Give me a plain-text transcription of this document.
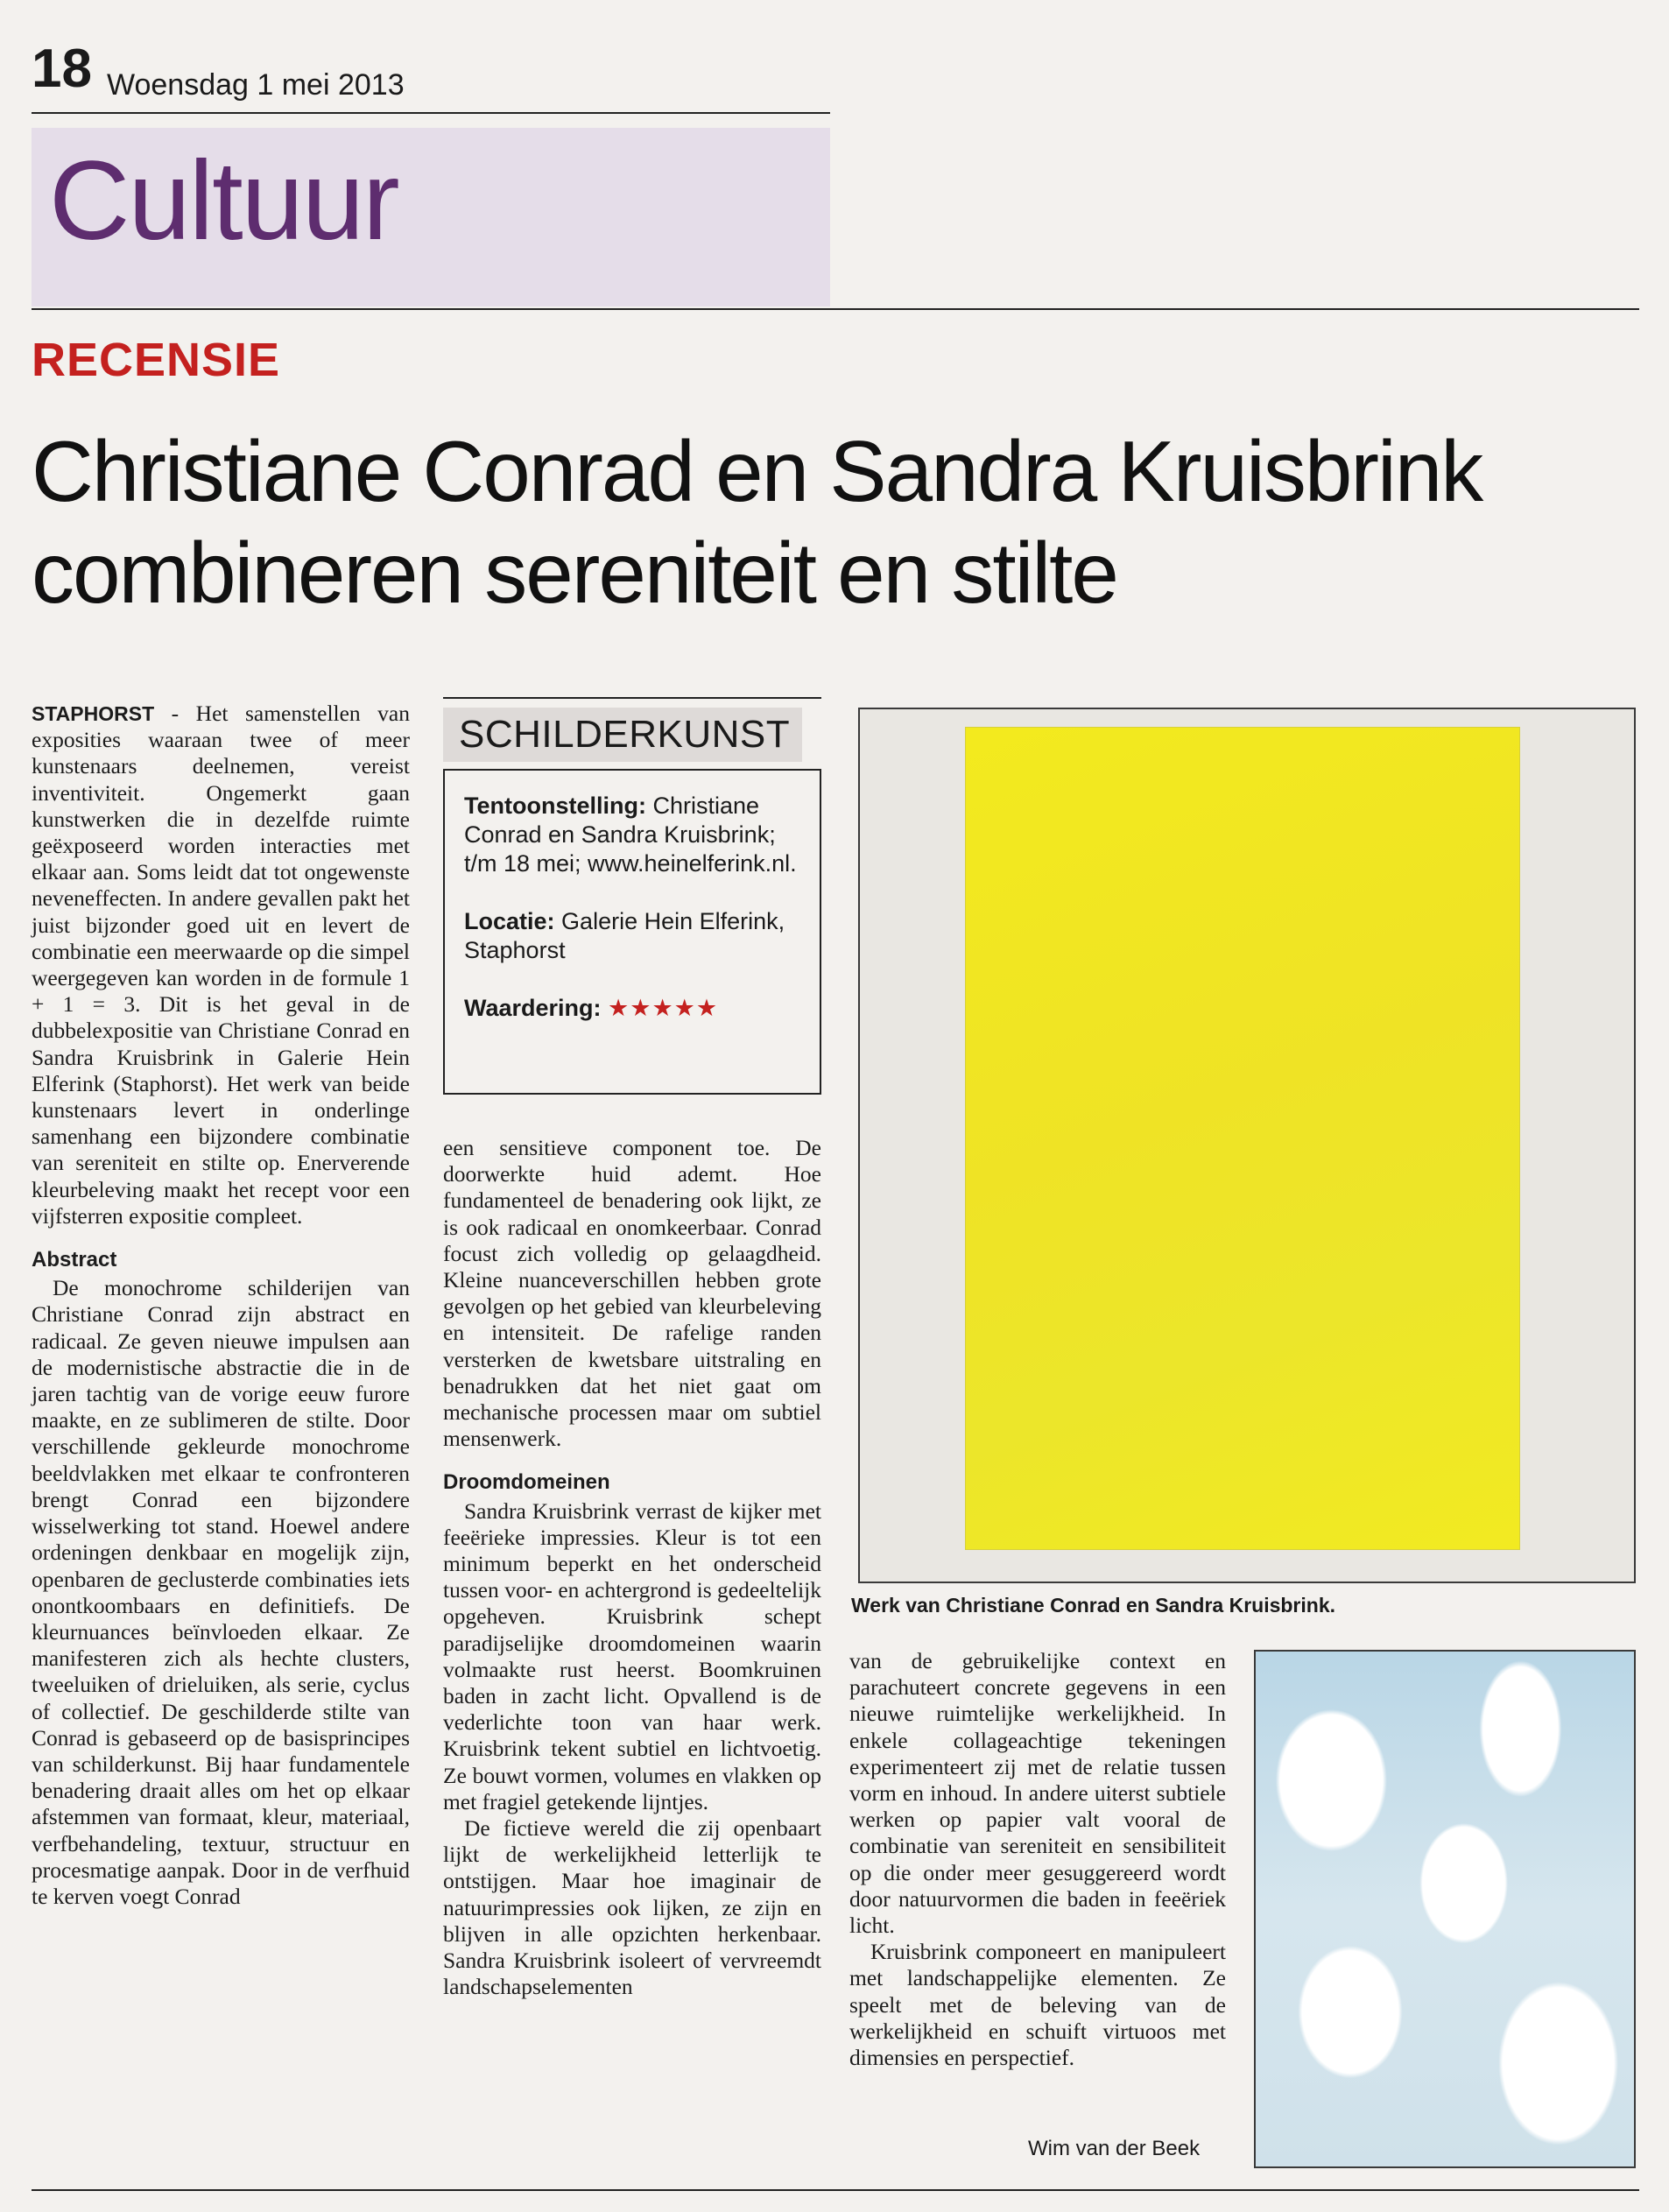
18 Woensdag 1 mei 2013
Cultuur
RECENSIE
Christiane Conrad en Sandra Kruisbrink combineren sereniteit en stilte

STAPHORST - Het samenstellen van exposities waaraan twee of meer kunstenaars deelnemen, vereist inventiviteit. Ongemerkt gaan kunstwerken die in dezelfde ruimte geëxposeerd worden interacties met elkaar aan. Soms leidt dat tot ongewenste neveneffecten. In andere gevallen pakt het juist bijzonder goed uit en levert de combinatie een meerwaarde op die simpel weergegeven kan worden in de formule 1 + 1 = 3. Dit is het geval in de dubbelexpositie van Christiane Conrad en Sandra Kruisbrink in Galerie Hein Elferink (Staphorst). Het werk van beide kunstenaars levert in onderlinge samenhang een bijzondere combinatie van sereniteit en stilte op. Enerverende kleurbeleving maakt het recept voor een vijfsterren expositie compleet.

Abstract

De monochrome schilderijen van Christiane Conrad zijn abstract en radicaal. Ze geven nieuwe impulsen aan de modernistische abstractie die in de jaren tachtig van de vorige eeuw furore maakte, en ze sublimeren de stilte. Door verschillende gekleurde monochrome beeldvlakken met elkaar te confronteren brengt Conrad een bijzondere wisselwerking tot stand. Hoewel andere ordeningen denkbaar en mogelijk zijn, openbaren de geclusterde combinaties iets onontkoombaars en definitiefs. De kleurnuances beïnvloeden elkaar. Ze manifesteren zich als hechte clusters, tweeluiken of drieluiken, als serie, cyclus of collectief. De geschilderde stilte van Conrad is gebaseerd op de basisprincipes van schilderkunst. Bij haar fundamentele benadering draait alles om het op elkaar afstemmen van formaat, kleur, materiaal, verfbehandeling, textuur, structuur en procesmatige aanpak. Door in de verfhuid te kerven voegt Conrad

SCHILDERKUNST

Tentoonstelling: Christiane Conrad en Sandra Kruisbrink; t/m 18 mei; www.heinelferink.nl.

Locatie: Galerie Hein Elferink, Staphorst

Waardering: ★★★★★

een sensitieve component toe. De doorwerkte huid ademt. Hoe fundamenteel de benadering ook lijkt, ze is ook radicaal en onomkeerbaar. Conrad focust zich volledig op gelaagdheid. Kleine nuanceverschillen hebben grote gevolgen op het gebied van kleurbeleving en intensiteit. De rafelige randen versterken de kwetsbare uitstraling en benadrukken dat het niet gaat om mechanische processen maar om subtiel mensenwerk.

Droomdomeinen

Sandra Kruisbrink verrast de kijker met feeërieke impressies. Kleur is tot een minimum beperkt en het onderscheid tussen voor- en achtergrond is gedeeltelijk opgeheven. Kruisbrink schept paradijselijke droomdomeinen waarin volmaakte rust heerst. Boomkruinen baden in zacht licht. Opvallend is de vederlichte toon van haar werk. Kruisbrink tekent subtiel en lichtvoetig. Ze bouwt vormen, volumes en vlakken op met fragiel getekende lijntjes.

De fictieve wereld die zij openbaart lijkt de werkelijkheid letterlijk te ontstijgen. Maar hoe imaginair de natuurimpressies ook lijken, ze zijn en blijven in alle opzichten herkenbaar. Sandra Kruisbrink isoleert of vervreemdt landschapselementen

Werk van Christiane Conrad en Sandra Kruisbrink.

van de gebruikelijke context en parachuteert concrete gegevens in een nieuwe ruimtelijke werkelijkheid. In enkele collageachtige tekeningen experimenteert zij met de relatie tussen vorm en inhoud. In andere uiterst subtiele werken op papier valt vooral de combinatie van sereniteit en sensibiliteit op die onder meer gesuggereerd wordt door natuurvormen die baden in feeëriek licht.

Kruisbrink componeert en manipuleert met landschappelijke elementen. Ze speelt met de beleving van de werkelijkheid en schuift virtuoos met dimensies en perspectief.

Wim van der Beek
